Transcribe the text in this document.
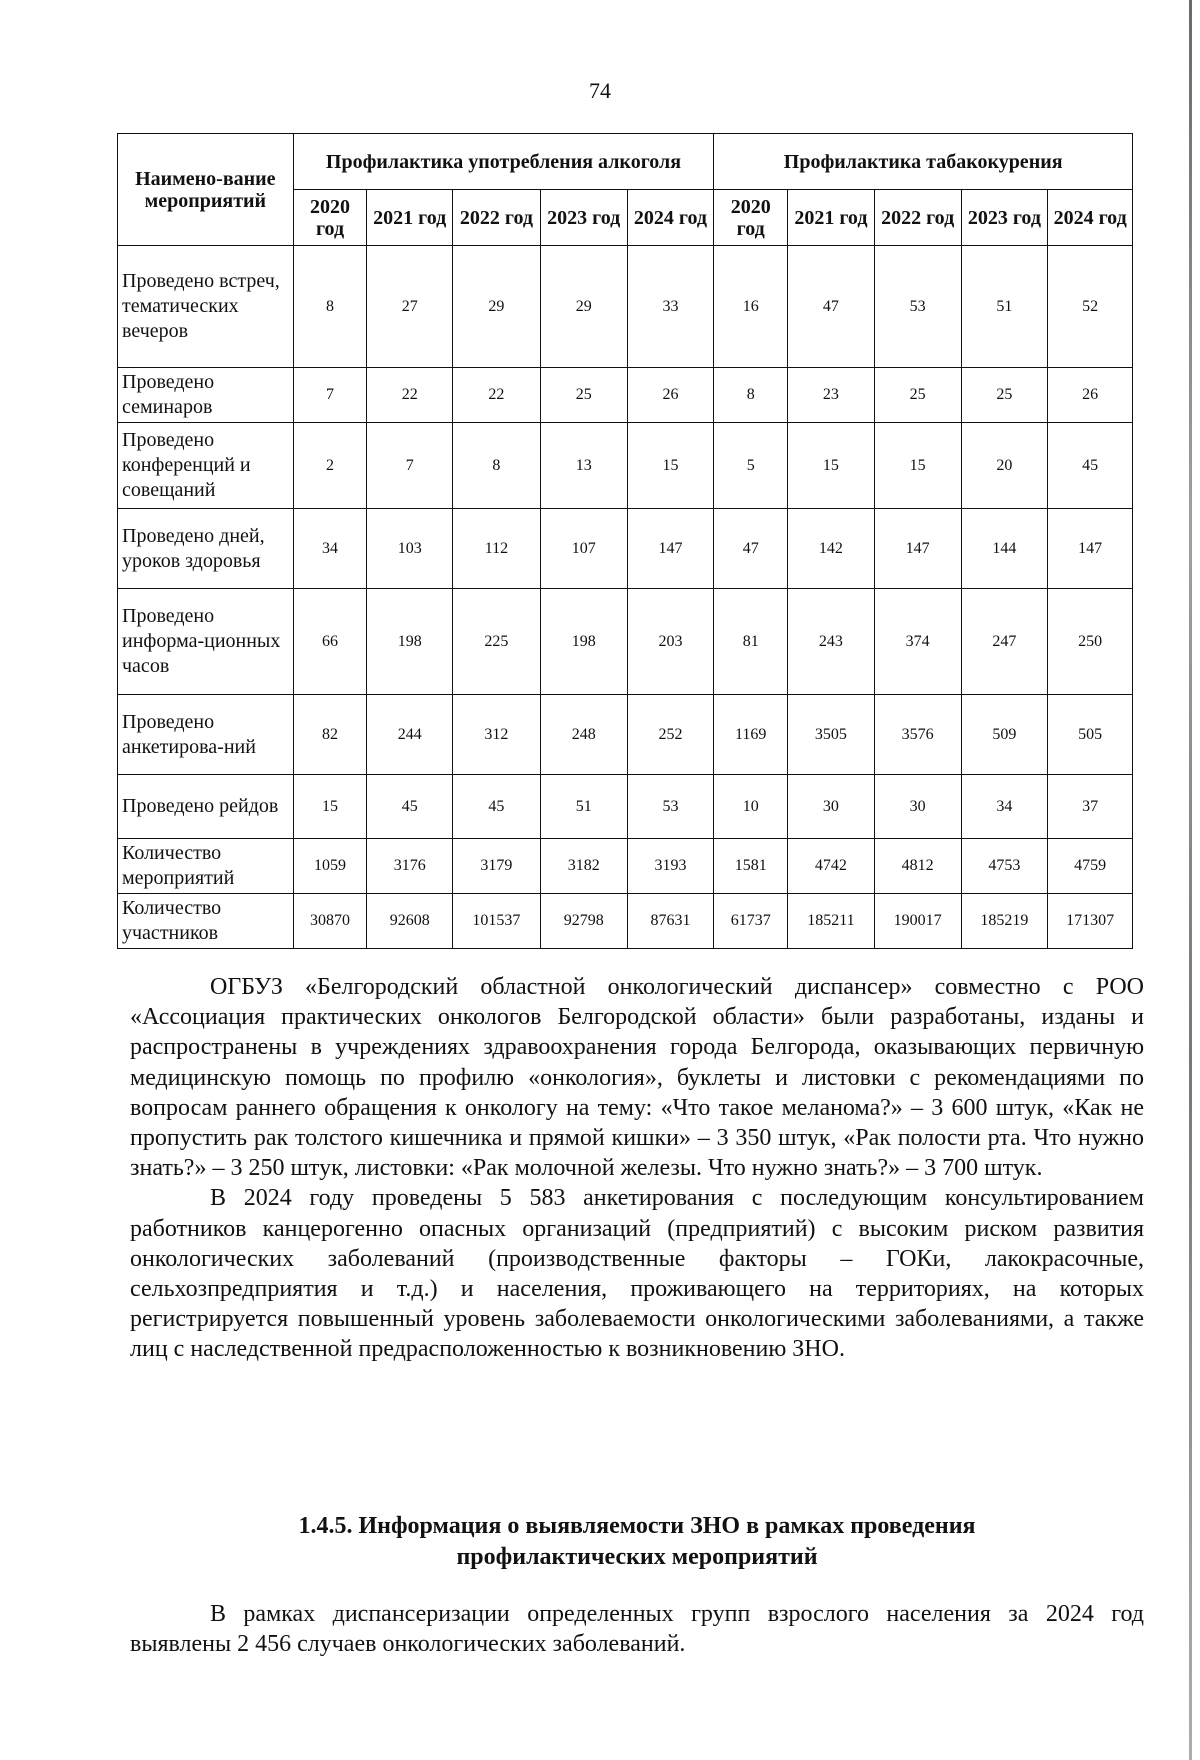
74
Наимено-вание мероприятий	Профилактика употребления алкоголя					Профилактика табакокурения				
	2020 год	2021 год	2022 год	2023 год	2024 год	2020 год	2021 год	2022 год	2023 год	2024 год
Проведено встреч, тематических вечеров	8	27	29	29	33	16	47	53	51	52
Проведено семинаров	7	22	22	25	26	8	23	25	25	26
Проведено конференций и совещаний	2	7	8	13	15	5	15	15	20	45
Проведено дней, уроков здоровья	34	103	112	107	147	47	142	147	144	147
Проведено информа-ционных часов	66	198	225	198	203	81	243	374	247	250
Проведено анкетирова-ний	82	244	312	248	252	1169	3505	3576	509	505
Проведено рейдов	15	45	45	51	53	10	30	30	34	37
Количество мероприятий	1059	3176	3179	3182	3193	1581	4742	4812	4753	4759
Количество участников	30870	92608	101537	92798	87631	61737	185211	190017	185219	171307

ОГБУЗ «Белгородский областной онкологический диспансер» совместно с РОО «Ассоциация практических онкологов Белгородской области» были разработаны, изданы и распространены в учреждениях здравоохранения города Белгорода, оказывающих первичную медицинскую помощь по профилю «онкология», буклеты и листовки с рекомендациями по вопросам раннего обращения к онкологу на тему: «Что такое меланома?» – 3 600 штук, «Как не пропустить рак толстого кишечника и прямой кишки» – 3 350 штук, «Рак полости рта. Что нужно знать?» – 3 250 штук, листовки: «Рак молочной железы. Что нужно знать?» – 3 700 штук.

В 2024 году проведены 5 583 анкетирования с последующим консультированием работников канцерогенно опасных организаций (предприятий) с высоким риском развития онкологических заболеваний (производственные факторы – ГОКи, лакокрасочные, сельхозпредприятия и т.д.) и населения, проживающего на территориях, на которых регистрируется повышенный уровень заболеваемости онкологическими заболеваниями, а также лиц с наследственной предрасположенностью к возникновению ЗНО.

1.4.5. Информация о выявляемости ЗНО в рамках проведения
профилактических мероприятий

В рамках диспансеризации определенных групп взрослого населения за 2024 год выявлены 2 456 случаев онкологических заболеваний.
